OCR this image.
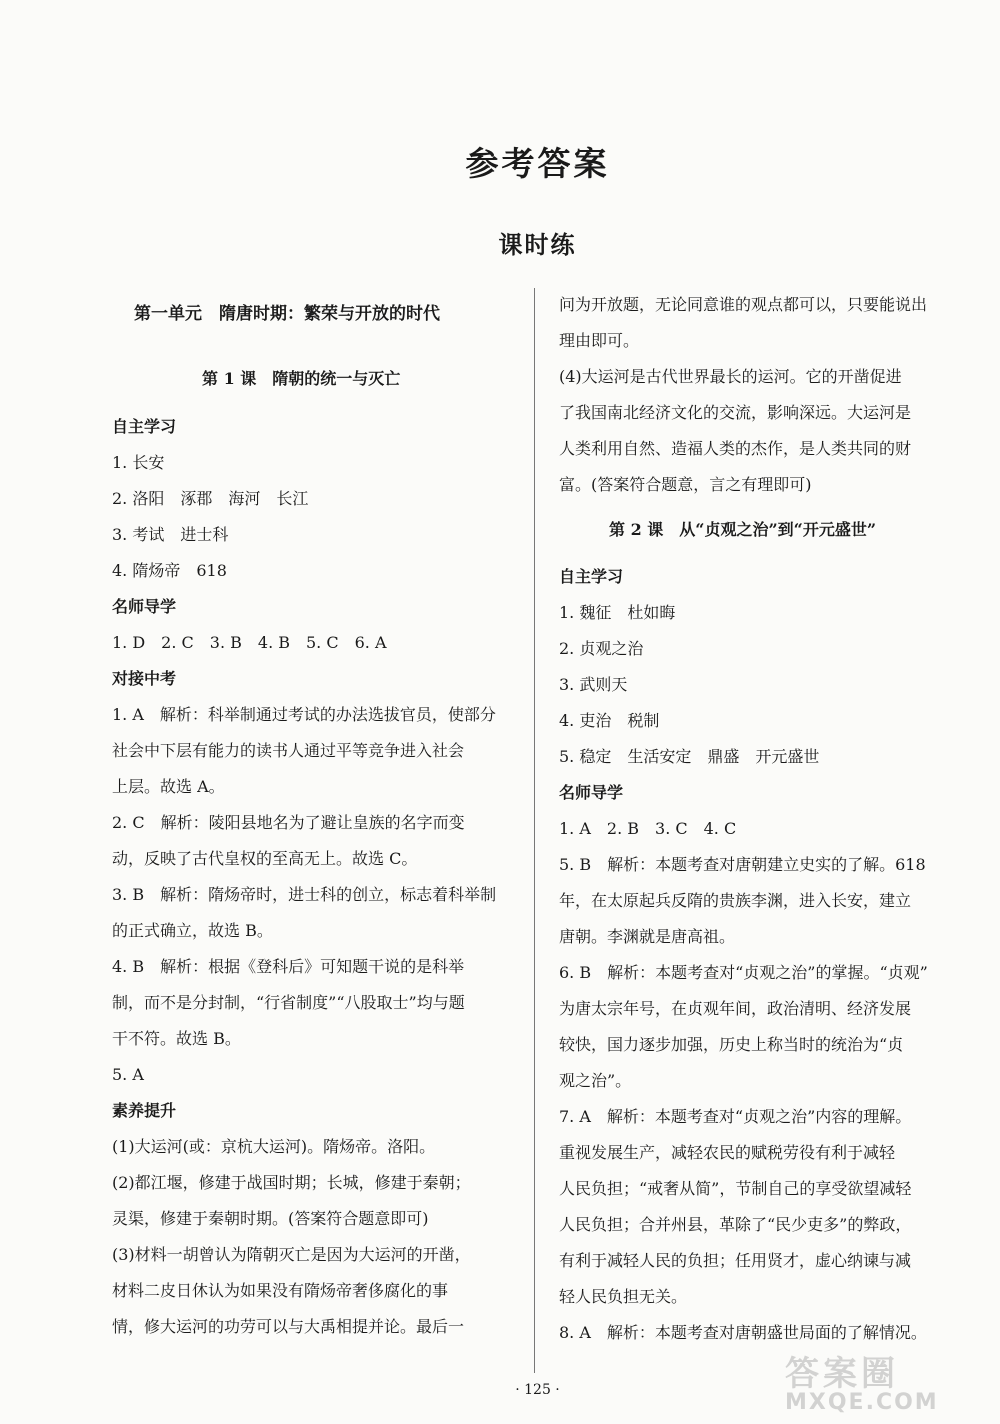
参考答案
课时练
第一单元　隋唐时期：繁荣与开放的时代
第 1 课　隋朝的统一与灭亡
自主学习
1. 长安
2. 洛阳　涿郡　海河　长江
3. 考试　进士科
4. 隋炀帝　618
名师导学
1. D　2. C　3. B　4. B　5. C　6. A
对接中考
1. A　解析：科举制通过考试的办法选拔官员，使部分
社会中下层有能力的读书人通过平等竞争进入社会
上层。故选 A。
2. C　解析：陵阳县地名为了避让皇族的名字而变
动，反映了古代皇权的至高无上。故选 C。
3. B　解析：隋炀帝时，进士科的创立，标志着科举制
的正式确立，故选 B。
4. B　解析：根据《登科后》可知题干说的是科举
制，而不是分封制，“行省制度”“八股取士”均与题
干不符。故选 B。
5. A
素养提升
(1)大运河(或：京杭大运河)。隋炀帝。洛阳。
(2)都江堰，修建于战国时期；长城，修建于秦朝；
灵渠，修建于秦朝时期。(答案符合题意即可)
(3)材料一胡曾认为隋朝灭亡是因为大运河的开凿，
材料二皮日休认为如果没有隋炀帝奢侈腐化的事
情，修大运河的功劳可以与大禹相提并论。最后一
问为开放题，无论同意谁的观点都可以，只要能说出
理由即可。
(4)大运河是古代世界最长的运河。它的开凿促进
了我国南北经济文化的交流，影响深远。大运河是
人类利用自然、造福人类的杰作，是人类共同的财
富。(答案符合题意，言之有理即可)
第 2 课　从“贞观之治”到“开元盛世”
自主学习
1. 魏征　杜如晦
2. 贞观之治
3. 武则天
4. 吏治　税制
5. 稳定　生活安定　鼎盛　开元盛世
名师导学
1. A　2. B　3. C　4. C
5. B　解析：本题考查对唐朝建立史实的了解。618
年，在太原起兵反隋的贵族李渊，进入长安，建立
唐朝。李渊就是唐高祖。
6. B　解析：本题考查对“贞观之治”的掌握。“贞观”
为唐太宗年号，在贞观年间，政治清明、经济发展
较快，国力逐步加强，历史上称当时的统治为“贞
观之治”。
7. A　解析：本题考查对“贞观之治”内容的理解。
重视发展生产，减轻农民的赋税劳役有利于减轻
人民负担；“戒奢从简”，节制自己的享受欲望减轻
人民负担；合并州县，革除了“民少吏多”的弊政，
有利于减轻人民的负担；任用贤才，虚心纳谏与减
轻人民负担无关。
8. A　解析：本题考查对唐朝盛世局面的了解情况。
· 125 ·	答案圈
MXQE.COM
